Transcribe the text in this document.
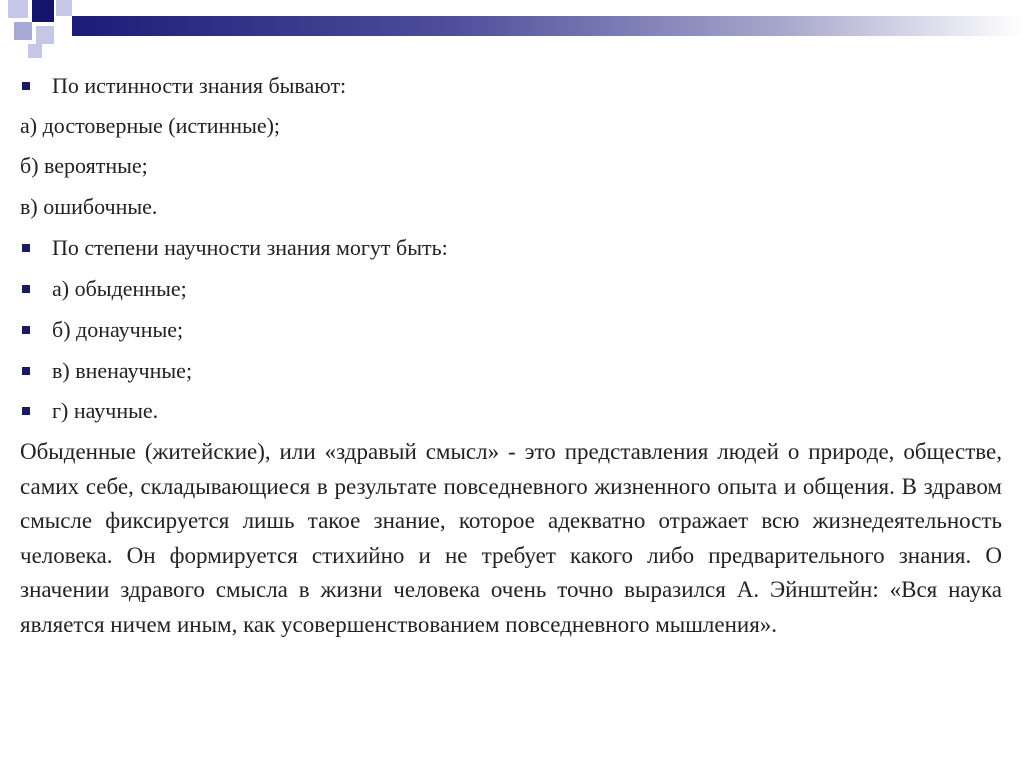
По истинности знания бывают:
а) достоверные (истинные);
б) вероятные;
в) ошибочные.
По степени научности знания могут быть:
а) обыденные;
б) донаучные;
в) вненаучные;
г) научные.

Обыденные (житейские), или «здравый смысл» - это представления людей о природе, обществе, самих себе, складывающиеся в результате повседневного жизненного опыта и общения. В здравом смысле фиксируется лишь такое знание, которое адекватно отражает всю жизнедеятельность человека. Он формируется стихийно и не требует какого либо предварительного знания. О значении здравого смысла в жизни человека очень точно выразился А. Эйнштейн: «Вся наука является ничем иным, как усовершенствованием повседневного мышления».
